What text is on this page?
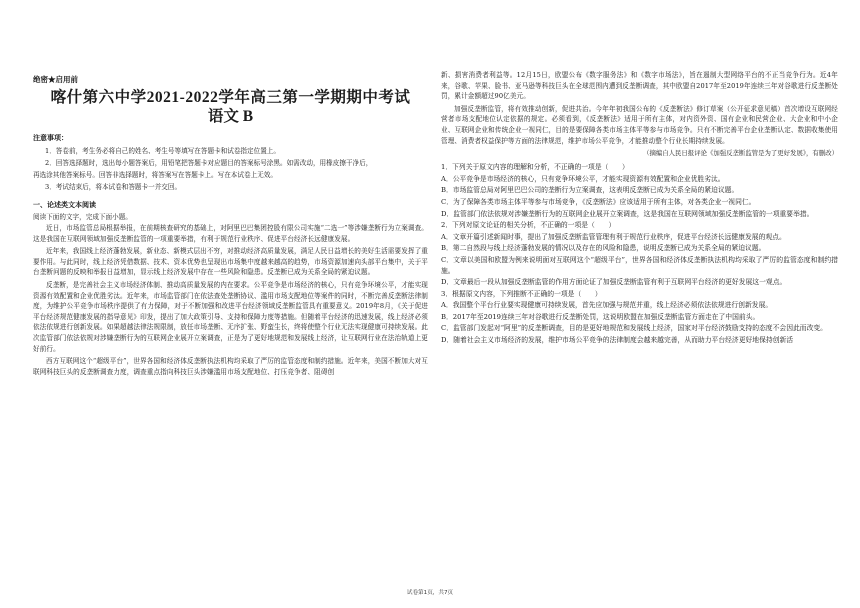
绝密★启用前
喀什第六中学2021-2022学年高三第一学期期中考试
语文 B
注意事项：
1．答卷前，考生务必将自己的姓名、考生号等填写在答题卡和试卷指定位置上。
2．回答选择题时，选出每小题答案后，用铅笔把答题卡对应题目的答案标号涂黑。如需改动，用橡皮擦干净后，
再选涂其他答案标号。回答非选择题时，将答案写在答题卡上。写在本试卷上无效。
3．考试结束后，将本试卷和答题卡一并交回。
一、论述类文本阅读
阅读下面的文字，完成下面小题。

近日，市场监管总局根据举报，在前期核查研究的基础上，对阿里巴巴集团控股有限公司实施“二选一”等涉嫌垄断行为立案调查。这是我国在互联网领域加强反垄断监管的一项重要举措，有利于规范行业秩序、促进平台经济长远健康发展。

近年来，我国线上经济蓬勃发展，新业态、新模式层出不穷，对推动经济高质量发展，满足人民日益增长的美好生活需要发挥了重要作用。与此同时，线上经济凭借数据、技术、资本优势也呈现出市场集中度越来越高的趋势，市场资源加速向头部平台集中，关于平台垄断问题的反映和举报日益增加，显示线上经济发展中存在一些风险和隐患。反垄断已成为关系全局的紧迫议题。

反垄断，是完善社会主义市场经济体制、推动高质量发展的内在要求。公平竞争是市场经济的核心，只有竞争环境公平，才能实现资源有效配置和企业优胜劣汰。近年来，市场监管部门在依法查处垄断协议、滥用市场支配地位等案件的同时，不断完善反垄断法律制度，为维护公平竞争市场秩序提供了有力保障，对于不断加强和改进平台经济领域反垄断监管具有重要意义。2019年8月，《关于促进平台经济规范健康发展的指导意见》印发，提出了加大政策引导、支持和保障力度等措施。但随着平台经济的迅速发展，线上经济必须依法依规进行创新发展。如果超越法律法规限制，放任市场垄断、无序扩张、野蛮生长，终将使整个行业无法实现健康可持续发展。此次监管部门依法依规对涉嫌垄断行为的互联网企业展开立案调查，正是为了更好地规范和发展线上经济，让互联网行业在法治轨道上更好前行。

西方互联网这个“超级平台”，世界各国和经济体反垄断执法机构均采取了严厉的监管态度和制约措施。近年来，美国不断加大对互联网科技巨头的反垄断调查力度，调查重点指向科技巨头涉嫌滥用市场支配地位、打压竞争者、阻碍创

新、损害消费者利益等。12月15日，欧盟公布《数字服务法》和《数字市场法》，旨在遏制大型网络平台的不正当竞争行为。近4年来，谷歌、苹果、脸书、亚马逊等科技巨头在全球范围内遭到反垄断调查，其中欧盟自2017年至2019年连续三年对谷歌进行反垄断处罚，累计金额超过90亿美元。

加强反垄断监管，将有效推动创新，促进共治。今年年初我国公布的《反垄断法》修订草案（公开征求意见稿）首次增设互联网经营者市场支配地位认定依据的规定。必须看到，《反垄断法》适用于所有主体，对内资外资、国有企业和民营企业、大企业和中小企业、互联网企业和传统企业一视同仁，目的是要保障各类市场主体平等参与市场竞争。只有不断完善平台企业垄断认定、数据收集使用管理、消费者权益保护等方面的法律规范，维护市场公平竞争，才能推动整个行业长期持续发展。

（摘编自人民日报评论《加强反垄断监管是为了更好发展》，有删改）
1．下列关于原文内容的理解和分析，不正确的一项是（　　）
A．公平竞争是市场经济的核心，只有竞争环境公平，才能实现资源有效配置和企业优胜劣汰。
B．市场监管总局对阿里巴巴公司的垄断行为立案调查，这表明反垄断已成为关系全局的紧迫议题。
C．为了保障各类市场主体平等参与市场竞争，《反垄断法》应该适用于所有主体，对各类企业一视同仁。
D．监管部门依法依规对涉嫌垄断行为的互联网企业展开立案调查，这是我国在互联网领域加强反垄断监管的一项重要举措。
2．下列对原文论证的相关分析，不正确的一项是（　　）
A．文章开篇引述新闻时事，提出了加强反垄断监管管理有利于规范行业秩序，促进平台经济长远健康发展的观点。
B．第二自然段与线上经济蓬勃发展的情况以及存在的风险和隐患，说明反垄断已成为关系全局的紧迫议题。
C．文章以美国和欧盟为例来说明面对互联网这个“超级平台”，世界各国和经济体反垄断执法机构均采取了严厉的监管态度和制约措施。
D．文章最后一段从加强反垄断监管的作用方面论证了加强反垄断监管有利于互联网平台经济的更好发展这一观点。
3．根据原文内容，下列推断不正确的一项是（　　）
A．我国整个平台行业要实现健康可持续发展，首先应加强与规范并重，线上经济必须依法依规进行创新发展。
B．2017年至2019连续三年对谷歌进行反垄断处罚，这说明欧盟在加强反垄断监管方面走在了中国前头。
C．监管部门发起对“阿里”的反垄断调查，目的是更好地规范和发展线上经济，国家对平台经济鼓励支持的态度不会因此而改变。
D．随着社会主义市场经济的发展，维护市场公平竞争的法律制度会越来越完善，从而助力平台经济更好地保持创新活
试卷第1页，共7页
